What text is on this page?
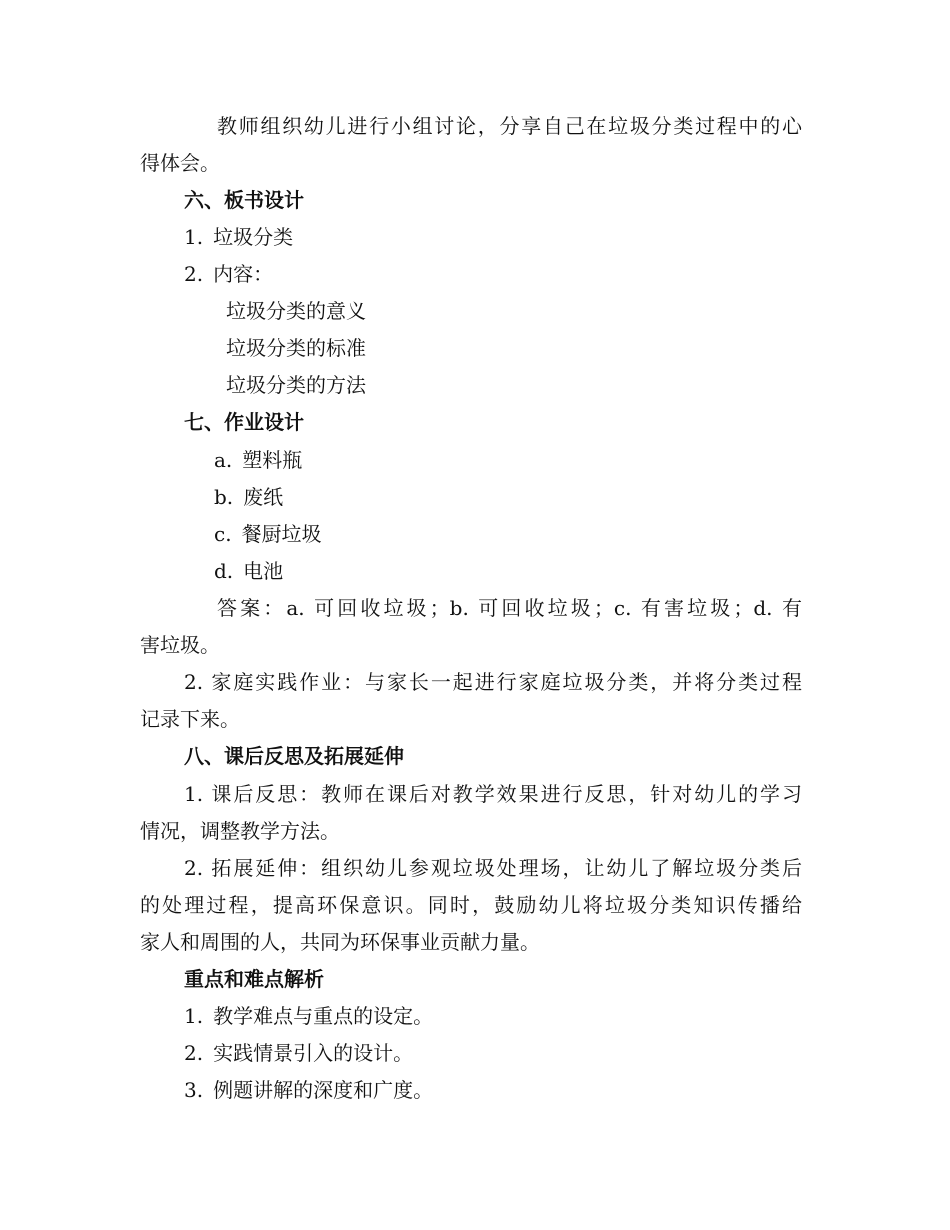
教师组织幼儿进行小组讨论，分享自己在垃圾分类过程中的心
得体会。
六、板书设计
1. 垃圾分类
2. 内容：
垃圾分类的意义
垃圾分类的标准
垃圾分类的方法
七、作业设计
a. 塑料瓶
b. 废纸
c. 餐厨垃圾
d. 电池
答案：a. 可回收垃圾；b. 可回收垃圾；c. 有害垃圾；d. 有
害垃圾。
2. 家庭实践作业：与家长一起进行家庭垃圾分类，并将分类过程
记录下来。
八、课后反思及拓展延伸
1. 课后反思：教师在课后对教学效果进行反思，针对幼儿的学习
情况，调整教学方法。
2. 拓展延伸：组织幼儿参观垃圾处理场，让幼儿了解垃圾分类后
的处理过程，提高环保意识。同时，鼓励幼儿将垃圾分类知识传播给
家人和周围的人，共同为环保事业贡献力量。
重点和难点解析
1. 教学难点与重点的设定。
2. 实践情景引入的设计。
3. 例题讲解的深度和广度。
